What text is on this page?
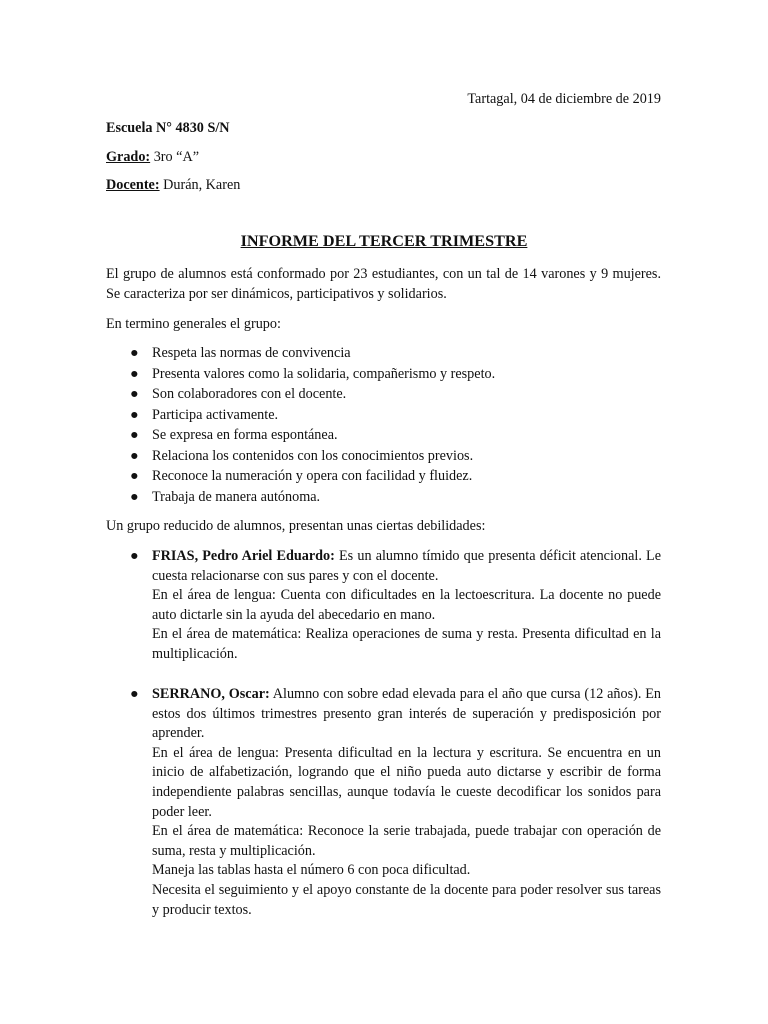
Tartagal, 04 de diciembre de 2019
Escuela N° 4830 S/N
Grado: 3ro “A”
Docente: Durán, Karen
INFORME DEL TERCER TRIMESTRE
El grupo de alumnos está conformado por 23 estudiantes, con un tal de 14 varones y 9 mujeres. Se caracteriza por ser dinámicos, participativos y solidarios.
En termino generales el grupo:
● Respeta las normas de convivencia
● Presenta valores como la solidaria, compañerismo y respeto.
● Son colaboradores con el docente.
● Participa activamente.
● Se expresa en forma espontánea.
● Relaciona los contenidos con los conocimientos previos.
● Reconoce la numeración y opera con facilidad y fluidez.
● Trabaja de manera autónoma.
Un grupo reducido de alumnos, presentan unas ciertas debilidades:
● FRIAS, Pedro Ariel Eduardo: Es un alumno tímido que presenta déficit atencional. Le cuesta relacionarse con sus pares y con el docente.

En el área de lengua: Cuenta con dificultades en la lectoescritura. La docente no puede auto dictarle sin la ayuda del abecedario en mano.

En el área de matemática: Realiza operaciones de suma y resta. Presenta dificultad en la multiplicación.

● SERRANO, Oscar: Alumno con sobre edad elevada para el año que cursa (12 años). En estos dos últimos trimestres presento gran interés de superación y predisposición por aprender.

En el área de lengua: Presenta dificultad en la lectura y escritura. Se encuentra en un inicio de alfabetización, logrando que el niño pueda auto dictarse y escribir de forma independiente palabras sencillas, aunque todavía le cueste decodificar los sonidos para poder leer.

En el área de matemática: Reconoce la serie trabajada, puede trabajar con operación de suma, resta y multiplicación.

Maneja las tablas hasta el número 6 con poca dificultad.

Necesita el seguimiento y el apoyo constante de la docente para poder resolver sus tareas y producir textos.
